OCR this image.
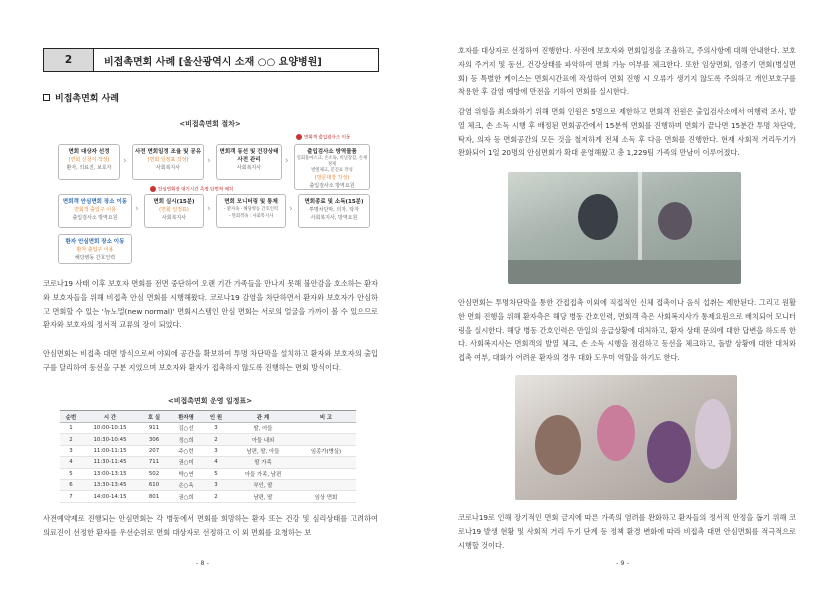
2	비접촉면회 사례 [울산광역시 소재 ○○ 요양병원]
비접촉면회 사례
<비접촉면회 절차>
면회 대상자 선정
(면회 신청서 작성)
환자, 의료진, 보호자
›
사전 면회일정 조율 및 공유
(면회 일정표 작성)
사회복지사
›
면회객 동선 및 건강상태 사전 관리
사회복지사
›
면회객 출입검사소 이동
출입검사소 방역물품
일회용마스크, 손소독, 비닐장갑, 손세정제
발열체크, 문진표 작성
(방문대장 작성)
출입검사소 방역요원
안심면회장 대기시간 측정 단면적 배치
면회객 안심면회 장소 이동
면회객 출입구 이용
출입검사소 방역요원
›
면회 실시(15분)
(면회 일정표)
사회복지사
›
면회 모니터링 및 통제
- 환자속 · 해당병동 간호인력
- 면회객속 : 사회복지사
›
면회종료 및 소독(15분)
투명차단막, 의자, 탁자
사회복지사, 방역요원
환자 안심면회 장소 이동
환자 출입구 이용
해당병동 간호인력
코로나19 사태 이후 보호자 면회를 전면 중단하여 오랜 기간 가족들을 만나지 못해 불안감을 호소하는 환자와 보호자들을 위해 비접촉 안심 면회를 시행해왔다. 코로나19 감염을 차단하면서 환자와 보호자가 안심하고 면회할 수 있는 '뉴노멀(new normal)' 면회시스템인 안심 면회는 서로의 얼굴을 가까이 볼 수 있으므로 환자와 보호자의 정서적 교류의 장이 되었다.
안심면회는 비접촉 대면 방식으로써 야외에 공간을 확보하여 투명 차단막을 설치하고 환자와 보호자의 출입구를 달리하여 동선을 구분 지었으며 보호자와 환자가 접촉하지 않도록 진행하는 면회 방식이다.
<비접촉면회 운영 일정표>
순번	시 간	호 실	환자명	인 원	관 계	비 고
1	10:00-10:15	911	김○선	3	딸, 아들	
2	10:30-10:45	306	정○희	2	아들 내외	
3	11:00-11:15	207	주○련	3	남편, 딸, 아들	임종가(병실)
4	11:30-11:45	711	권○미	4	딸 가족	
5	13:00-13:15	502	박○연	5	아들 가족, 남편	
6	13:30-13:45	610	손○옥	3	부인, 딸	
7	14:00-14:15	801	권○희	2	남편, 딸	임상 면회
사전예약제로 진행되는 안심면회는 각 병동에서 면회를 희망하는 환자 또는 건강 및 심리상태를 고려하여 의료진이 선정한 환자를 우선순위로 면회 대상자로 선정하고 이 외 면회를 요청하는 보
- 8 -
호자를 대상자로 선정하여 진행한다. 사전에 보호자와 면회일정을 조율하고, 주의사항에 대해 안내한다. 보호자의 주거지 및 동선, 건강상태를 파악하여 면회 가능 여부를 체크한다. 또한 임상면회, 임종기 면회(병실면회) 등 특별한 케이스는 면회시간표에 작성하여 면회 진행 시 오류가 생기지 않도록 주의하고 개인보호구를 착용한 후 감염 예방에 만전을 기하여 면회를 실시한다.
감염 위험을 최소화하기 위해 면회 인원은 5명으로 제한하고 면회객 전원은 출입검사소에서 여행력 조사, 발열 체크, 손 소독 시행 후 배정된 면회공간에서 15분씩 면회를 진행하며 면회가 끝나면 15분간 투명 차단막, 탁자, 의자 등 면회공간의 모든 것을 철저하게 전체 소독 후 다음 면회를 진행한다. 현재 사회적 거리두기가 완화되어 1일 20명의 안심면회가 확대 운영해왔고 총 1,229팀 가족의 만남이 이루어졌다.
안심면회는 투명차단막을 통한 간접접촉 이외에 직접적인 신체 접촉이나 음식 섭취는 제한된다. 그리고 원활한 면회 진행을 위해 환자측은 해당 병동 간호인력, 면회객 측은 사회복지사가 통제요원으로 배치되어 모니터링을 실시한다. 해당 병동 간호인력은 만일의 응급상황에 대처하고, 환자 상태 문의에 대한 답변을 하도록 한다. 사회복지사는 면회객의 발열 체크, 손 소독 시행을 점검하고 동선을 체크하고, 돌발 상황에 대한 대처와 접촉 여부, 대화가 어려운 환자의 경우 대화 도우미 역할을 하기도 한다.
코로나19로 인해 장기적인 면회 금지에 따른 가족의 염려를 완화하고 환자들의 정서적 안정을 돕기 위해 코로나19 발생 현황 및 사회적 거리 두기 단계 등 정책 환경 변화에 따라 비접촉 대면 안심면회를 적극적으로 시행할 것이다.
- 9 -
